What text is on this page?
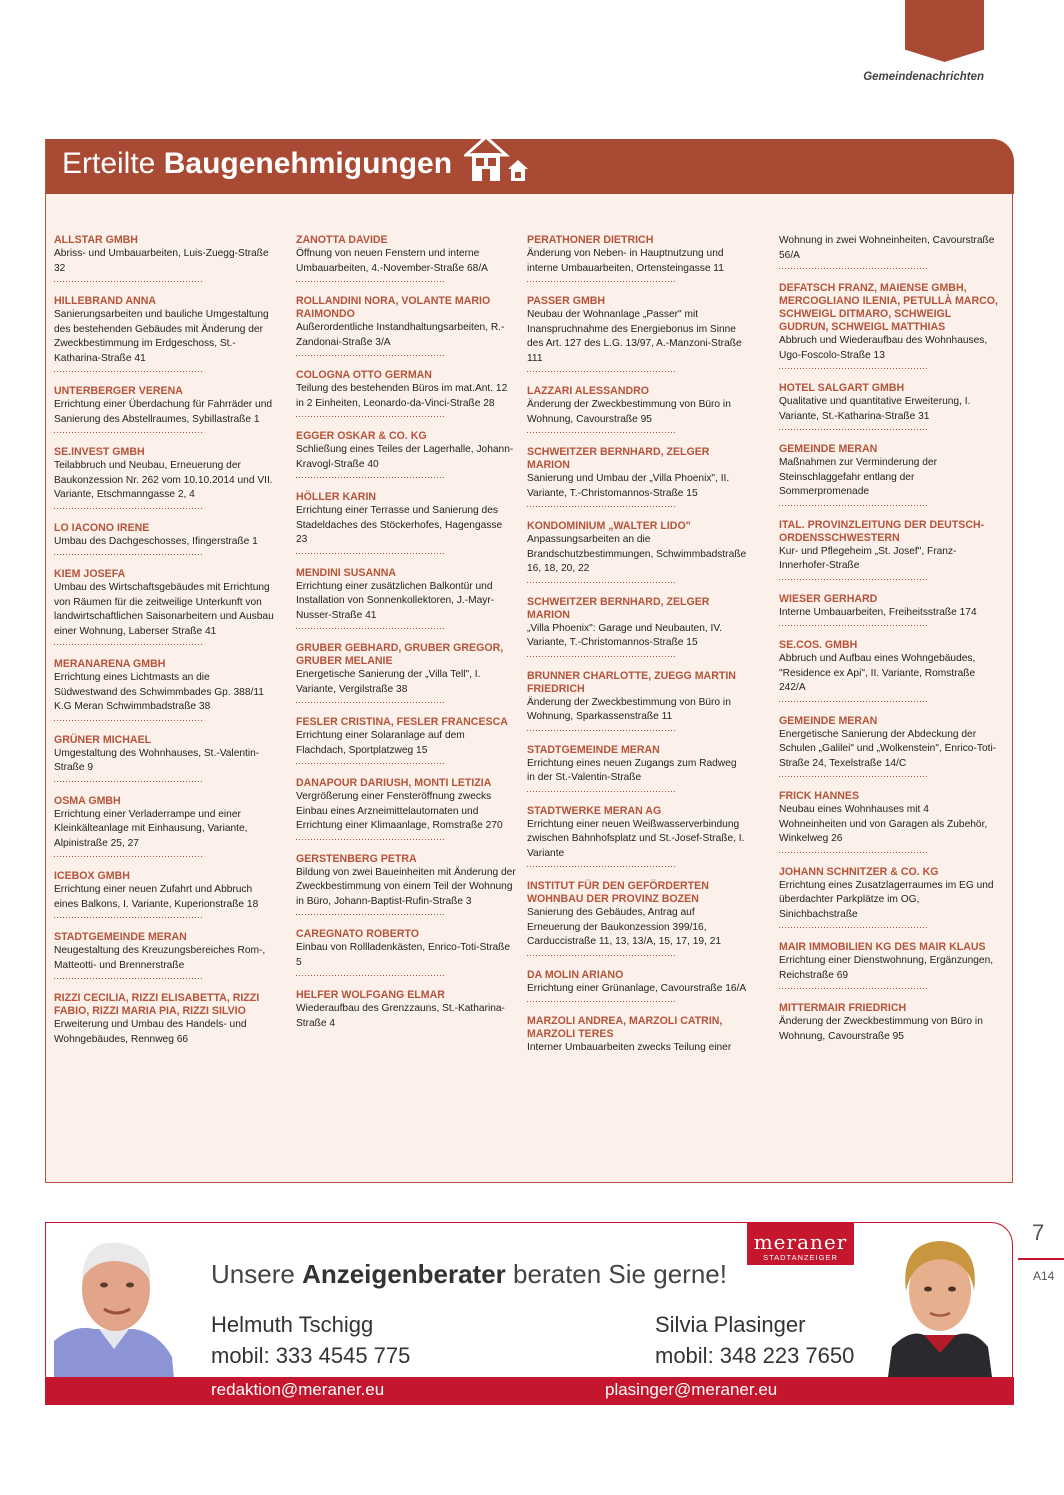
Gemeindenachrichten
Erteilte Baugenehmigungen
ALLSTAR GMBH
Abriss- und Umbauarbeiten, Luis-Zuegg-Straße 32
HILLEBRAND ANNA
Sanierungsarbeiten und bauliche Umgestaltung des bestehenden Gebäudes mit Änderung der Zweckbestimmung im Erdgeschoss, St.-Katharina-Straße 41
UNTERBERGER VERENA
Errichtung einer Überdachung für Fahrräder und Sanierung des Abstellraumes, Sybillastraße 1
SE.INVEST GMBH
Teilabbruch und Neubau, Erneuerung der Baukonzession Nr. 262 vom 10.10.2014 und VII. Variante, Etschmanngasse 2, 4
LO IACONO IRENE
Umbau des Dachgeschosses, Ifingerstraße 1
KIEM JOSEFA
Umbau des Wirtschaftsgebäudes mit Errichtung von Räumen für die zeitweilige Unterkunft von landwirtschaftlichen Saisonarbeitern und Ausbau einer Wohnung, Laberser Straße 41
MERANARENA GMBH
Errichtung eines Lichtmasts an die Südwestwand des Schwimmbades Gp. 388/11 K.G Meran Schwimmbadstraße 38
GRÜNER MICHAEL
Umgestaltung des Wohnhauses, St.-Valentin-Straße 9
OSMA GMBH
Errichtung einer Verladerrampe und einer Kleinkälteanlage mit Einhausung, Variante, Alpinistraße 25, 27
ICEBOX GMBH
Errichtung einer neuen Zufahrt und Abbruch eines Balkons, I. Variante, Kuperionstraße 18
STADTGEMEINDE MERAN
Neugestaltung des Kreuzungsbereiches Rom-, Matteotti- und Brennerstraße
RIZZI CECILIA, RIZZI ELISABETTA, RIZZI FABIO, RIZZI MARIA PIA, RIZZI SILVIO
Erweiterung und Umbau des Handels- und Wohngebäudes, Rennweg 66
ZANOTTA DAVIDE
Öffnung von neuen Fenstern und interne Umbauarbeiten, 4.-November-Straße 68/A
ROLLANDINI NORA, VOLANTE MARIO RAIMONDO
Außerordentliche Instandhaltungsarbeiten, R.-Zandonai-Straße 3/A
COLOGNA OTTO GERMAN
Teilung des bestehenden Büros im mat.Ant. 12 in 2 Einheiten, Leonardo-da-Vinci-Straße 28
EGGER OSKAR & CO. KG
Schließung eines Teiles der Lagerhalle, Johann-Kravogl-Straße 40
HÖLLER KARIN
Errichtung einer Terrasse und Sanierung des Stadeldaches des Stöckerhofes, Hagengasse 23
MENDINI SUSANNA
Errichtung einer zusätzlichen Balkontür und Installation von Sonnenkollektoren, J.-Mayr-Nusser-Straße 41
GRUBER GEBHARD, GRUBER GREGOR, GRUBER MELANIE
Energetische Sanierung der „Villa Tell", I. Variante, Vergilstraße 38
FESLER CRISTINA, FESLER FRANCESCA
Errichtung einer Solaranlage auf dem Flachdach, Sportplatzweg 15
DANAPOUR DARIUSH, MONTI LETIZIA
Vergrößerung einer Fensteröffnung zwecks Einbau eines Arzneimittelautomaten und Errichtung einer Klimaanlage, Romstraße 270
GERSTENBERG PETRA
Bildung von zwei Baueinheiten mit Änderung der Zweckbestimmung von einem Teil der Wohnung in Büro, Johann-Baptist-Rufin-Straße 3
CAREGNATO ROBERTO
Einbau von Rollladenkästen, Enrico-Toti-Straße 5
HELFER WOLFGANG ELMAR
Wiederaufbau des Grenzzauns, St.-Katharina-Straße 4
PERATHONER DIETRICH
Änderung von Neben- in Hauptnutzung und interne Umbauarbeiten, Ortensteingasse 11
PASSER GMBH
Neubau der Wohnanlage „Passer" mit Inanspruchnahme des Energiebonus im Sinne des Art. 127 des L.G. 13/97, A.-Manzoni-Straße 111
LAZZARI ALESSANDRO
Änderung der Zweckbestimmung von Büro in Wohnung, Cavourstraße 95
SCHWEITZER BERNHARD, ZELGER MARION
Sanierung und Umbau der „Villa Phoenix", II. Variante, T.-Christomannos-Straße 15
KONDOMINIUM „WALTER LIDO"
Anpassungsarbeiten an die Brandschutzbestimmungen, Schwimmbadstraße 16, 18, 20, 22
SCHWEITZER BERNHARD, ZELGER MARION
„Villa Phoenix": Garage und Neubauten, IV. Variante, T.-Christomannos-Straße 15
BRUNNER CHARLOTTE, ZUEGG MARTIN FRIEDRICH
Änderung der Zweckbestimmung von Büro in Wohnung, Sparkassenstraße 11
STADTGEMEINDE MERAN
Errichtung eines neuen Zugangs zum Radweg in der St.-Valentin-Straße
STADTWERKE MERAN AG
Errichtung einer neuen Weißwasserverbindung zwischen Bahnhofsplatz und St.-Josef-Straße, I. Variante
INSTITUT FÜR DEN GEFÖRDERTEN WOHNBAU DER PROVINZ BOZEN
Sanierung des Gebäudes, Antrag auf Erneuerung der Baukonzession 399/16, Carduccistraße 11, 13, 13/A, 15, 17, 19, 21
DA MOLIN ARIANO
Errichtung einer Grünanlage, Cavourstraße 16/A
MARZOLI ANDREA, MARZOLI CATRIN, MARZOLI TERES
Interner Umbauarbeiten zwecks Teilung einer
Wohnung in zwei Wohneinheiten, Cavourstraße 56/A
DEFATSCH FRANZ, MAIENSE GMBH, MERCOGLIANO ILENIA, PETULLÀ MARCO, SCHWEIGL DITMARO, SCHWEIGL GUDRUN, SCHWEIGL MATTHIAS
Abbruch und Wiederaufbau des Wohnhauses, Ugo-Foscolo-Straße 13
HOTEL SALGART GMBH
Qualitative und quantitative Erweiterung, I. Variante, St.-Katharina-Straße 31
GEMEINDE MERAN
Maßnahmen zur Verminderung der Steinschlaggefahr entlang der Sommerpromenade
ITAL. PROVINZLEITUNG DER DEUTSCH-ORDENSSCHWESTERN
Kur- und Pflegeheim „St. Josef", Franz-Innerhofer-Straße
WIESER GERHARD
Interne Umbauarbeiten, Freiheitsstraße 174
SE.COS. GMBH
Abbruch und Aufbau eines Wohngebäudes, "Residence ex Api", II. Variante, Romstraße 242/A
GEMEINDE MERAN
Energetische Sanierung der Abdeckung der Schulen „Galilei" und „Wolkenstein", Enrico-Toti-Straße 24, Texelstraße 14/C
FRICK HANNES
Neubau eines Wohnhauses mit 4 Wohneinheiten und von Garagen als Zubehör, Winkelweg 26
JOHANN SCHNITZER & CO. KG
Errichtung eines Zusatzlagerraumes im EG und überdachter Parkplätze im OG, Sinichbachstraße
MAIR IMMOBILIEN KG DES MAIR KLAUS
Errichtung einer Dienstwohnung, Ergänzungen, Reichstraße 69
MITTERMAIR FRIEDRICH
Änderung der Zweckbestimmung von Büro in Wohnung, Cavourstraße 95
Unsere Anzeigenberater beraten Sie gerne!
meraner
STADTANZEIGER
Helmuth Tschigg
mobil: 333 4545 775
Silvia Plasinger
mobil: 348 223 7650
redaktion@meraner.eu	plasinger@meraner.eu
7
A14
